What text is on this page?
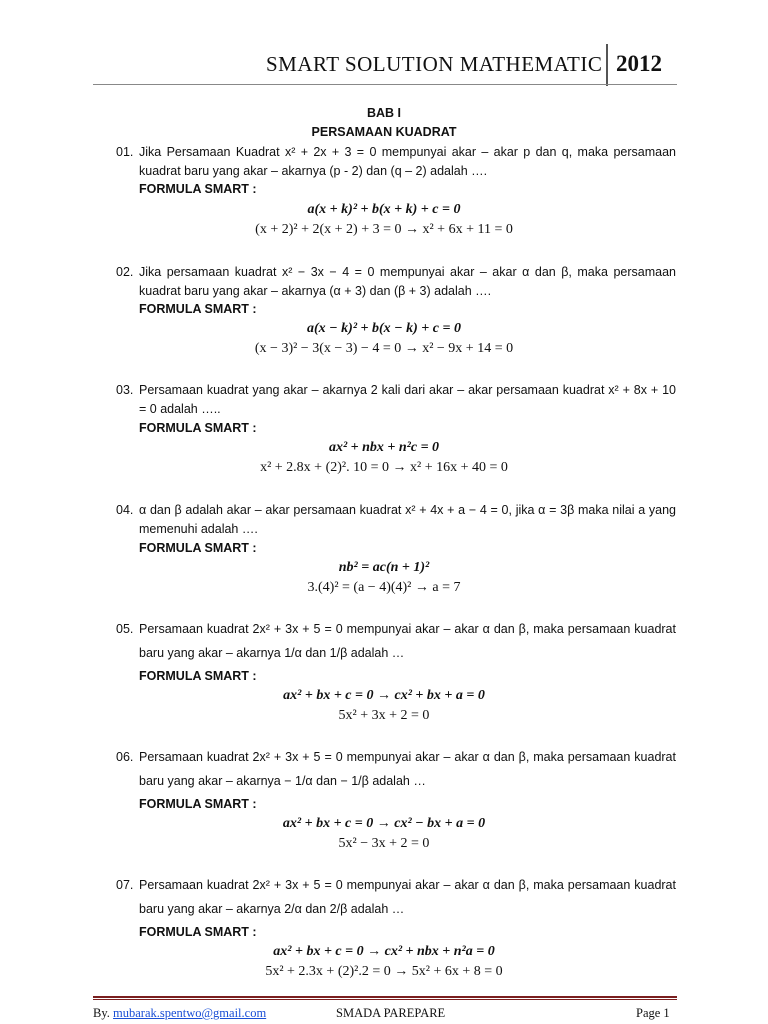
SMART SOLUTION MATHEMATIC 2012
BAB I
PERSAMAAN KUADRAT
01. Jika Persamaan Kuadrat x² + 2x + 3 = 0 mempunyai akar – akar p dan q, maka persamaan kuadrat baru yang akar – akarnya (p - 2) dan (q – 2) adalah ….
FORMULA SMART :
a(x + k)² + b(x + k) + c = 0
(x + 2)² + 2(x + 2) + 3 = 0 → x² + 6x + 11 = 0
02. Jika persamaan kuadrat x² − 3x − 4 = 0 mempunyai akar – akar α dan β, maka persamaan kuadrat baru yang akar – akarnya (α + 3) dan (β + 3) adalah ….
FORMULA SMART :
a(x − k)² + b(x − k) + c = 0
(x − 3)² − 3(x − 3) − 4 = 0 → x² − 9x + 14 = 0
03. Persamaan kuadrat yang akar – akarnya 2 kali dari akar – akar persamaan kuadrat x² + 8x + 10 = 0 adalah …..
FORMULA SMART :
ax² + nbx + n²c = 0
x² + 2.8x + (2)². 10 = 0 → x² + 16x + 40 = 0
04. α dan β adalah akar – akar persamaan kuadrat x² + 4x + a − 4 = 0, jika α = 3β maka nilai a yang memenuhi adalah ….
FORMULA SMART :
nb² = ac(n + 1)²
3.(4)² = (a − 4)(4)² → a = 7
05. Persamaan kuadrat 2x² + 3x + 5 = 0 mempunyai akar – akar α dan β, maka persamaan kuadrat baru yang akar – akarnya 1/α dan 1/β adalah …
FORMULA SMART :
ax² + bx + c = 0 → cx² + bx + a = 0
5x² + 3x + 2 = 0
06. Persamaan kuadrat 2x² + 3x + 5 = 0 mempunyai akar – akar α dan β, maka persamaan kuadrat baru yang akar – akarnya − 1/α dan − 1/β adalah …
FORMULA SMART :
ax² + bx + c = 0 → cx² − bx + a = 0
5x² − 3x + 2 = 0
07. Persamaan kuadrat 2x² + 3x + 5 = 0 mempunyai akar – akar α dan β, maka persamaan kuadrat baru yang akar – akarnya 2/α dan 2/β adalah …
FORMULA SMART :
ax² + bx + c = 0 → cx² + nbx + n²a = 0
5x² + 2.3x + (2)².2 = 0 → 5x² + 6x + 8 = 0
By. mubarak.spentwo@gmail.com	SMADA PAREPARE	Page 1
